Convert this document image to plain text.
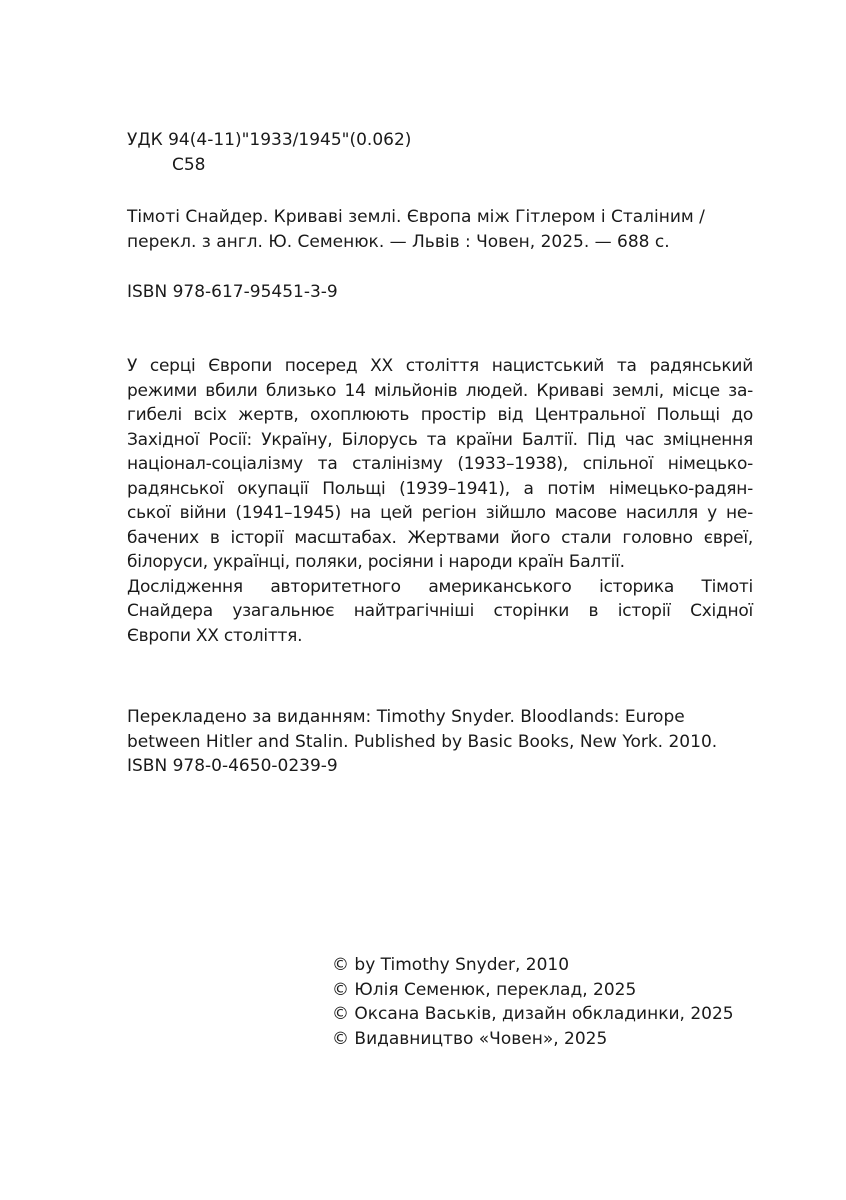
УДК 94(4-11)"1933/1945"(0.062)
С58
Тімоті Снайдер. Криваві землі. Європа між Гітлером і Сталіним /
перекл. з англ. Ю. Семенюк. — Львів : Човен, 2025. — 688 с.
ISBN 978-617-95451-3-9
У серці Європи посеред XX століття нацистський та радянський
режими вбили близько 14 мільйонів людей. Криваві землі, місце за-
гибелі всіх жертв, охоплюють простір від Центральної Польщі до
Західної Росії: Україну, Білорусь та країни Балтії. Під час зміцнення
націонал-соціалізму та сталінізму (1933–1938), спільної німецько-
радянської окупації Польщі (1939–1941), а потім німецько-радян-
ської війни (1941–1945) на цей регіон зійшло масове насилля у не-
бачених в історії масштабах. Жертвами його стали головно євреї,
білоруси, українці, поляки, росіяни і народи країн Балтії.
Дослідження авторитетного американського історика Тімоті
Снайдера узагальнює найтрагічніші сторінки в історії Східної
Європи XX століття.
Перекладено за виданням: Timothy Snyder. Bloodlands: Europe
between Hitler and Stalin. Published by Basic Books, New York. 2010.
ISBN 978-0-4650-0239-9
© by Timothy Snyder, 2010
© Юлія Семенюк, переклад, 2025
© Оксана Васьків, дизайн обкладинки, 2025
© Видавництво «Човен», 2025
